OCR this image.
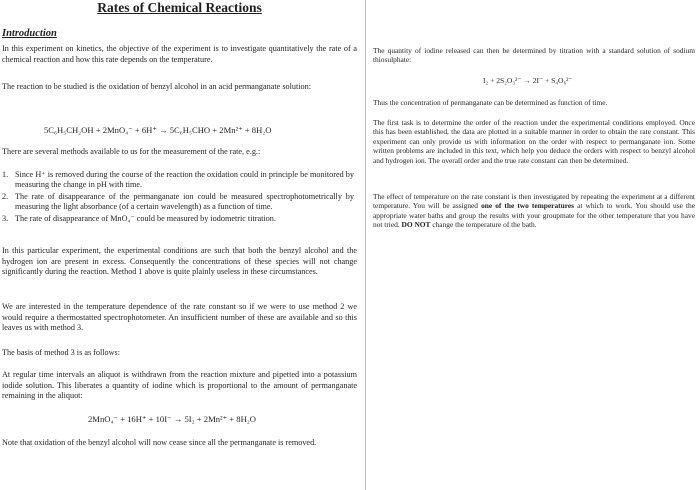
Rates of Chemical Reactions
Introduction

In this experiment on kinetics, the objective of the experiment is to investigate quantitatively the rate of a chemical reaction and how this rate depends on the temperature.

The reaction to be studied is the oxidation of benzyl alcohol in an acid permanganate solution:

5C₆H₅CH₂OH + 2MnO₄⁻ + 6H⁺ → 5C₆H₅CHO + 2Mn²⁺ + 8H₂O

There are several methods available to us for the measurement of the rate, e.g.:

1. Since H⁺ is removed during the course of the reaction the oxidation could in principle be monitored by measuring the change in pH with time.
2. The rate of disappearance of the permanganate ion could be measured spectrophotometrically by measuring the light absorbance (of a certain wavelength) as a function of time.
3. The rate of disappearance of MnO₄⁻ could be measured by iodometric titration.

In this particular experiment, the experimental conditions are such that both the benzyl alcohol and the hydrogen ion are present in excess. Consequently the concentrations of these species will not change significantly during the reaction. Method 1 above is quite plainly useless in these circumstances.

We are interested in the temperature dependence of the rate constant so if we were to use method 2 we would require a thermostatted spectrophotometer. An insufficient number of these are available and so this leaves us with method 3.

The basis of method 3 is as follows:

At regular time intervals an aliquot is withdrawn from the reaction mixture and pipetted into a potassium iodide solution. This liberates a quantity of iodine which is proportional to the amount of permanganate remaining in the aliquot:

2MnO₄⁻ + 16H⁺ + 10I⁻ → 5I₂ + 2Mn²⁺ + 8H₂O

Note that oxidation of the benzyl alcohol will now cease since all the permanganate is removed.

The quantity of iodine released can then be determined by titration with a standard solution of sodium thiosulphate:

I₂ + 2S₂O₃²⁻ → 2I⁻ + S₄O₆²⁻

Thus the concentration of permanganate can be determined as function of time.

The first task is to determine the order of the reaction under the experimental conditions employed. Once this has been established, the data are plotted in a suitable manner in order to obtain the rate constant. This experiment can only provide us with information on the order with respect to permanganate ion. Some written problems are included in this text, which help you deduce the orders with respect to benzyl alcohol and hydrogen ion. The overall order and the true rate constant can then be determined.

The effect of temperature on the rate constant is then investigated by repeating the experiment at a different temperature. You will be assigned one of the two temperatures at which to work. You should use the appropriate water baths and group the results with your groupmate for the other temperature that you have not tried. DO NOT change the temperature of the bath.
